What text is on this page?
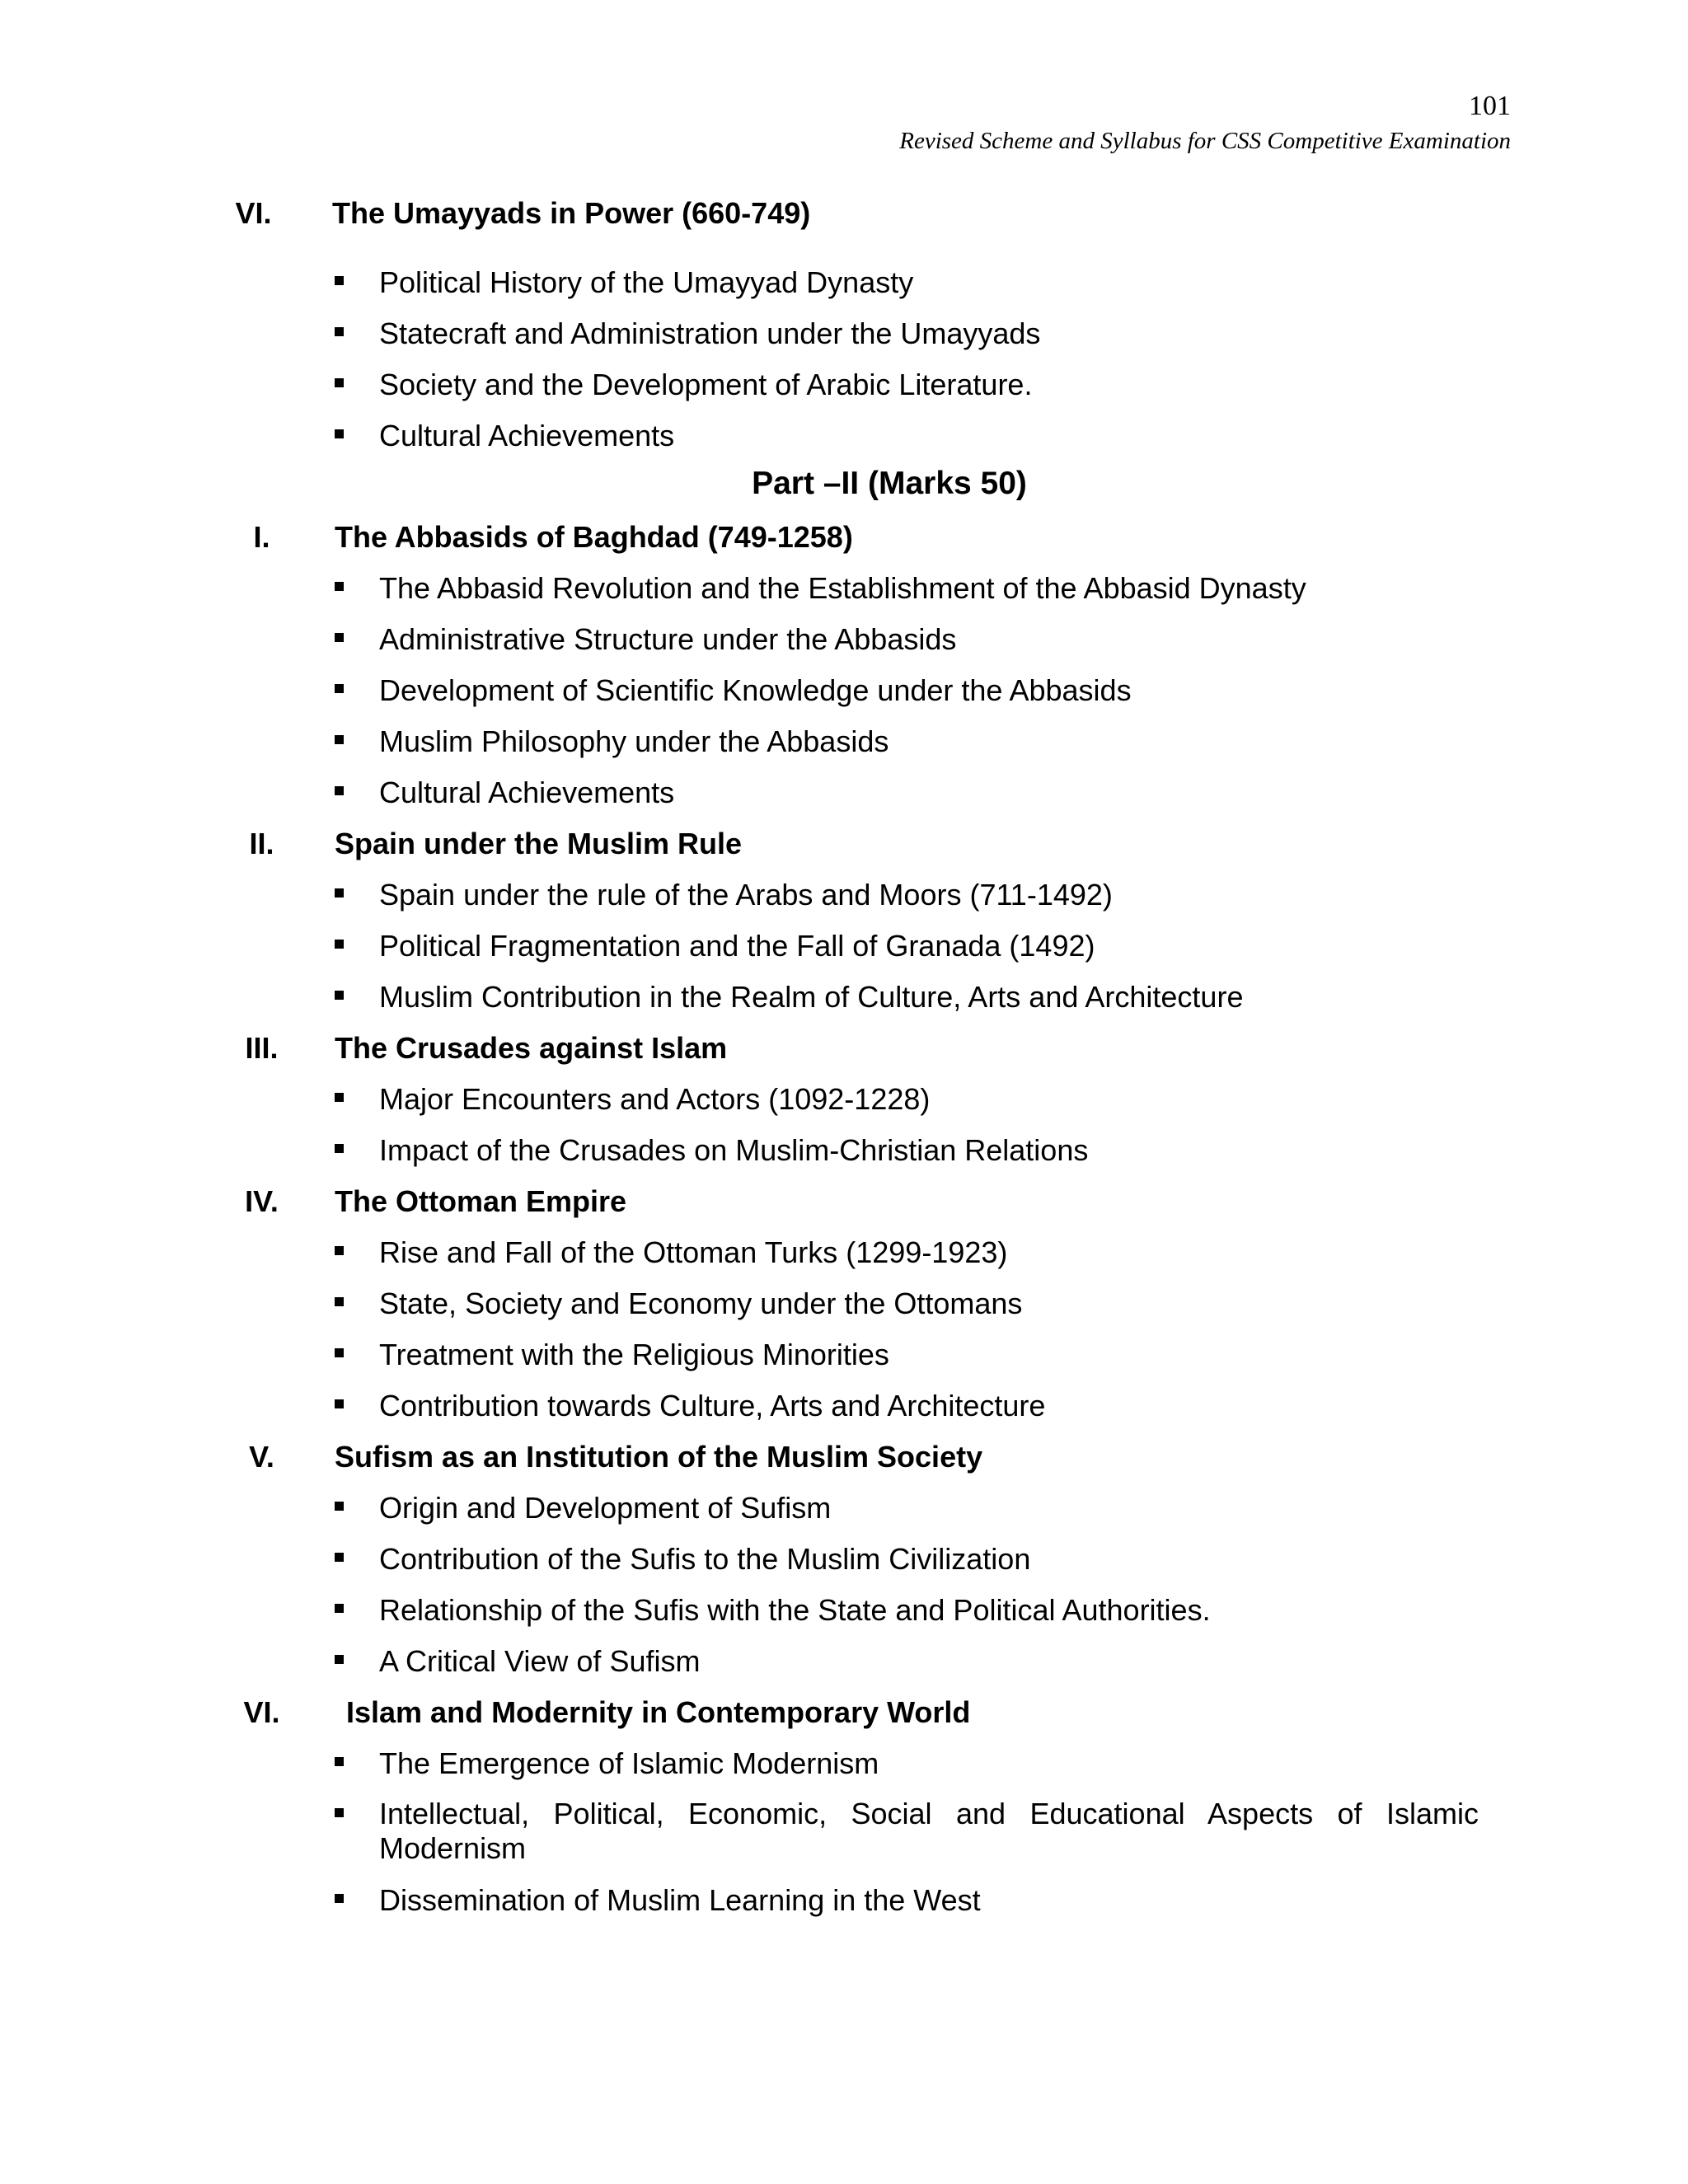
101
Revised Scheme and Syllabus for CSS Competitive Examination
VI. The Umayyads in Power (660-749)
Political History of the Umayyad Dynasty
Statecraft and Administration under the Umayyads
Society and the Development of Arabic Literature.
Cultural Achievements
Part –II (Marks 50)
I.	The Abbasids of Baghdad (749-1258)
The Abbasid Revolution and the Establishment of the Abbasid Dynasty
Administrative Structure under the Abbasids
Development of Scientific Knowledge under the Abbasids
Muslim Philosophy under the Abbasids
Cultural Achievements
II.	Spain under the Muslim Rule
Spain under the rule of the Arabs and Moors (711-1492)
Political Fragmentation and the Fall of Granada (1492)
Muslim Contribution in the Realm of Culture, Arts and Architecture
III.	The Crusades against Islam
Major Encounters and Actors (1092-1228)
Impact of the Crusades on Muslim-Christian Relations
IV.	The Ottoman Empire
Rise and Fall of the Ottoman Turks (1299-1923)
State, Society and Economy under the Ottomans
Treatment with the Religious Minorities
Contribution towards Culture, Arts and Architecture
V.	Sufism as an Institution of the Muslim Society
Origin and Development of Sufism
Contribution of the Sufis to the Muslim Civilization
Relationship of the Sufis with the State and Political Authorities.
A Critical View of Sufism
VI. Islam and Modernity in Contemporary World
The Emergence of Islamic Modernism
Intellectual, Political, Economic, Social and Educational Aspects of Islamic Modernism
Dissemination of Muslim Learning in the West
